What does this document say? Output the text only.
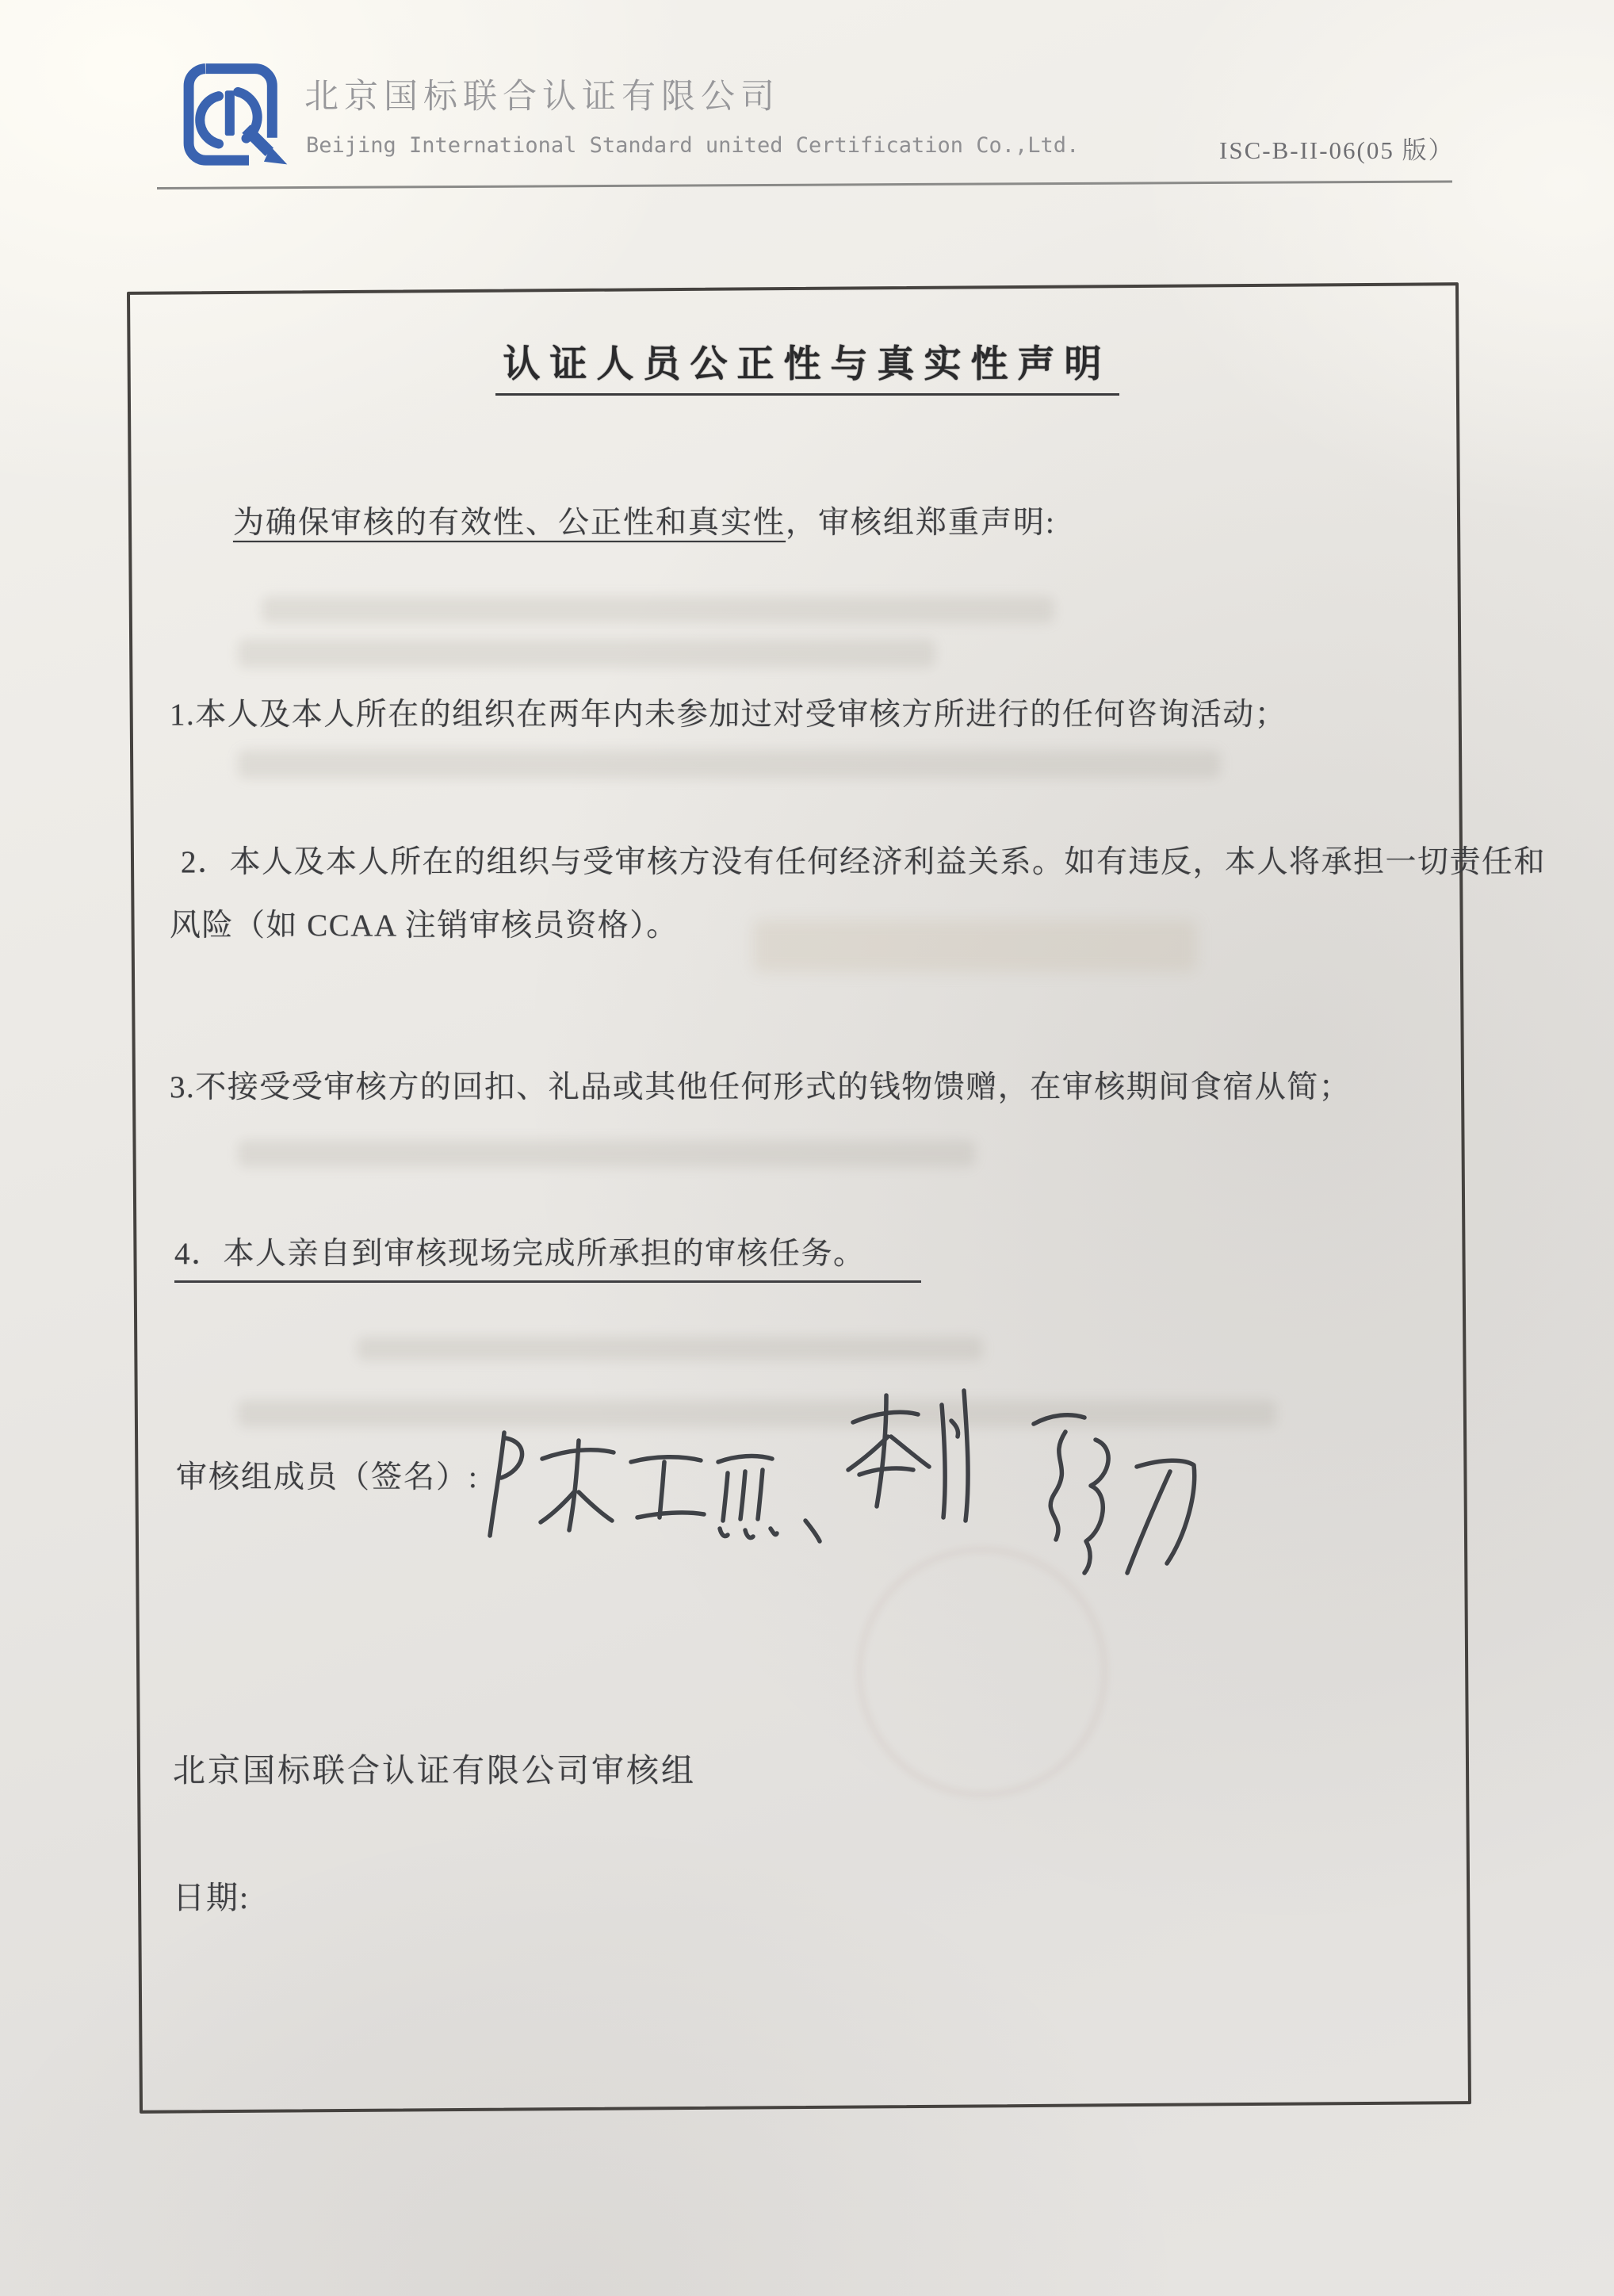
北京国标联合认证有限公司
Beijing International Standard united Certification Co.,Ltd.	ISC-B-II-06(05 版）
认证人员公正性与真实性声明
为确保审核的有效性、公正性和真实性，审核组郑重声明:
1.本人及本人所在的组织在两年内未参加过对受审核方所进行的任何咨询活动；
2．本人及本人所在的组织与受审核方没有任何经济利益关系。如有违反，本人将承担一切责任和
风险（如 CCAA 注销审核员资格）。
3.不接受受审核方的回扣、礼品或其他任何形式的钱物馈赠，在审核期间食宿从简；
4．本人亲自到审核现场完成所承担的审核任务。
审核组成员（签名）:
北京国标联合认证有限公司审核组
日期:
